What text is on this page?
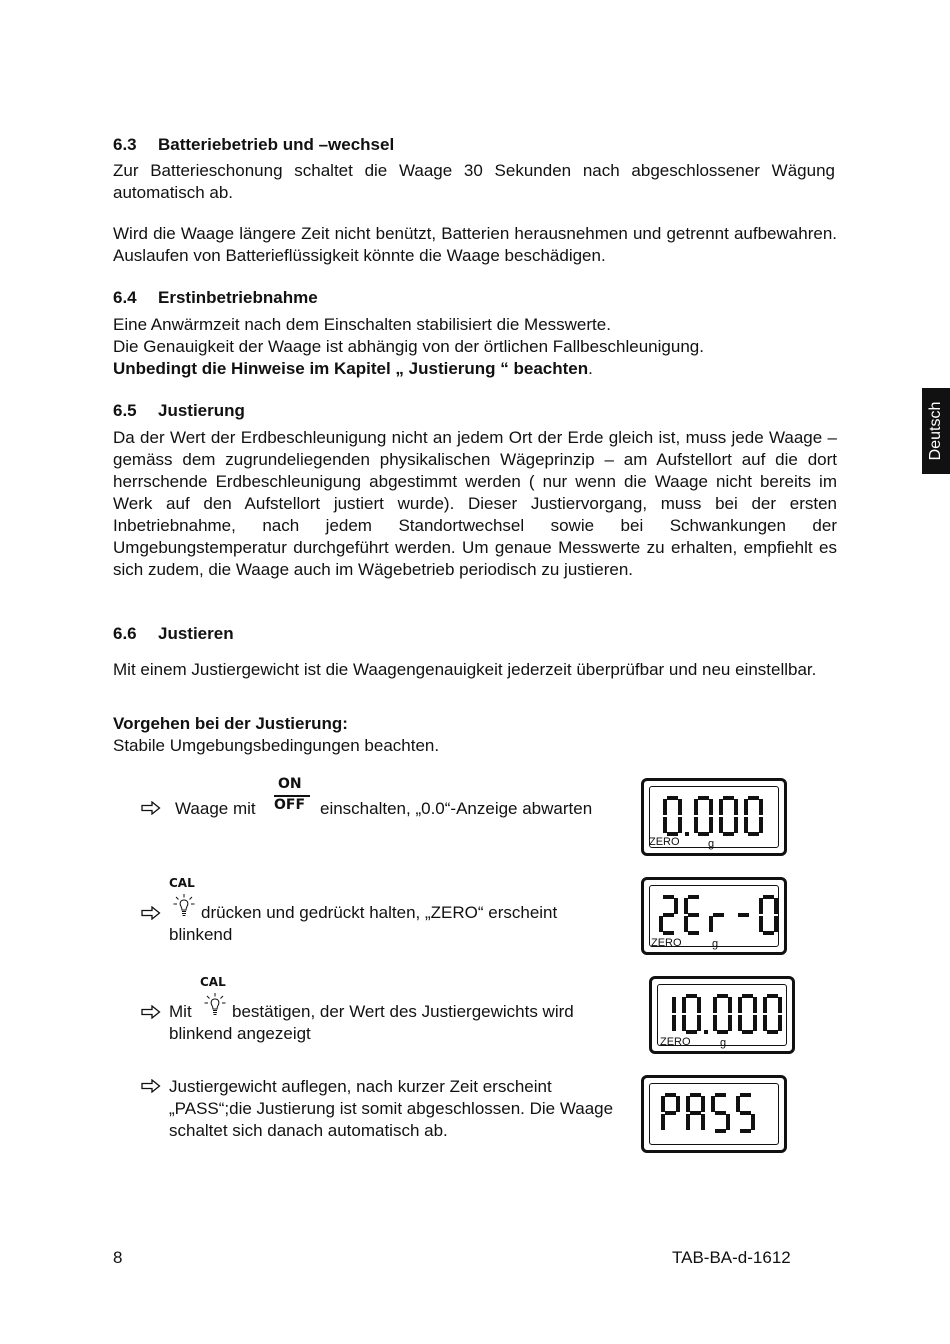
Deutsch
6.3 Batteriebetrieb und –wechsel
Zur Batterieschonung schaltet die Waage 30 Sekunden nach abgeschlossener Wägung automatisch ab.
Wird die Waage längere Zeit nicht benützt, Batterien herausnehmen und getrennt aufbewahren. Auslaufen von Batterieflüssigkeit könnte die Waage beschädigen.
6.4 Erstinbetriebnahme
Eine Anwärmzeit nach dem Einschalten stabilisiert die Messwerte.
Die Genauigkeit der Waage ist abhängig von der örtlichen Fallbeschleunigung.
Unbedingt die Hinweise im Kapitel „ Justierung “ beachten.
6.5 Justierung
Da der Wert der Erdbeschleunigung nicht an jedem Ort der Erde gleich ist, muss jede Waage – gemäss dem zugrundeliegenden physikalischen Wägeprinzip – am Aufstellort auf die dort herrschende Erdbeschleunigung abgestimmt werden ( nur wenn die Waage nicht bereits im Werk auf den Aufstellort justiert wurde). Dieser Justiervorgang, muss bei der ersten Inbetriebnahme, nach jedem Standortwechsel sowie bei Schwankungen der Umgebungstemperatur durchgeführt werden. Um genaue Messwerte zu erhalten, empfiehlt es sich zudem, die Waage auch im Wägebetrieb periodisch zu justieren.
6.6 Justieren
Mit einem Justiergewicht ist die Waagengenauigkeit jederzeit überprüfbar und neu einstellbar.
Vorgehen bei der Justierung:
Stabile Umgebungsbedingungen beachten.
ON
OFF
Waage mit	einschalten, „0.0“-Anzeige abwarten
CAL
drücken und gedrückt halten, „ZERO“ erscheint blinkend
CAL
Mit	bestätigen, der Wert des Justiergewichts wird blinkend angezeigt
Justiergewicht auflegen, nach kurzer Zeit erscheint „PASS“;die Justierung ist somit abgeschlossen. Die Waage schaltet sich danach automatisch ab.
ZERO	g
ZERO	g
ZERO	g
8	TAB-BA-d-1612
